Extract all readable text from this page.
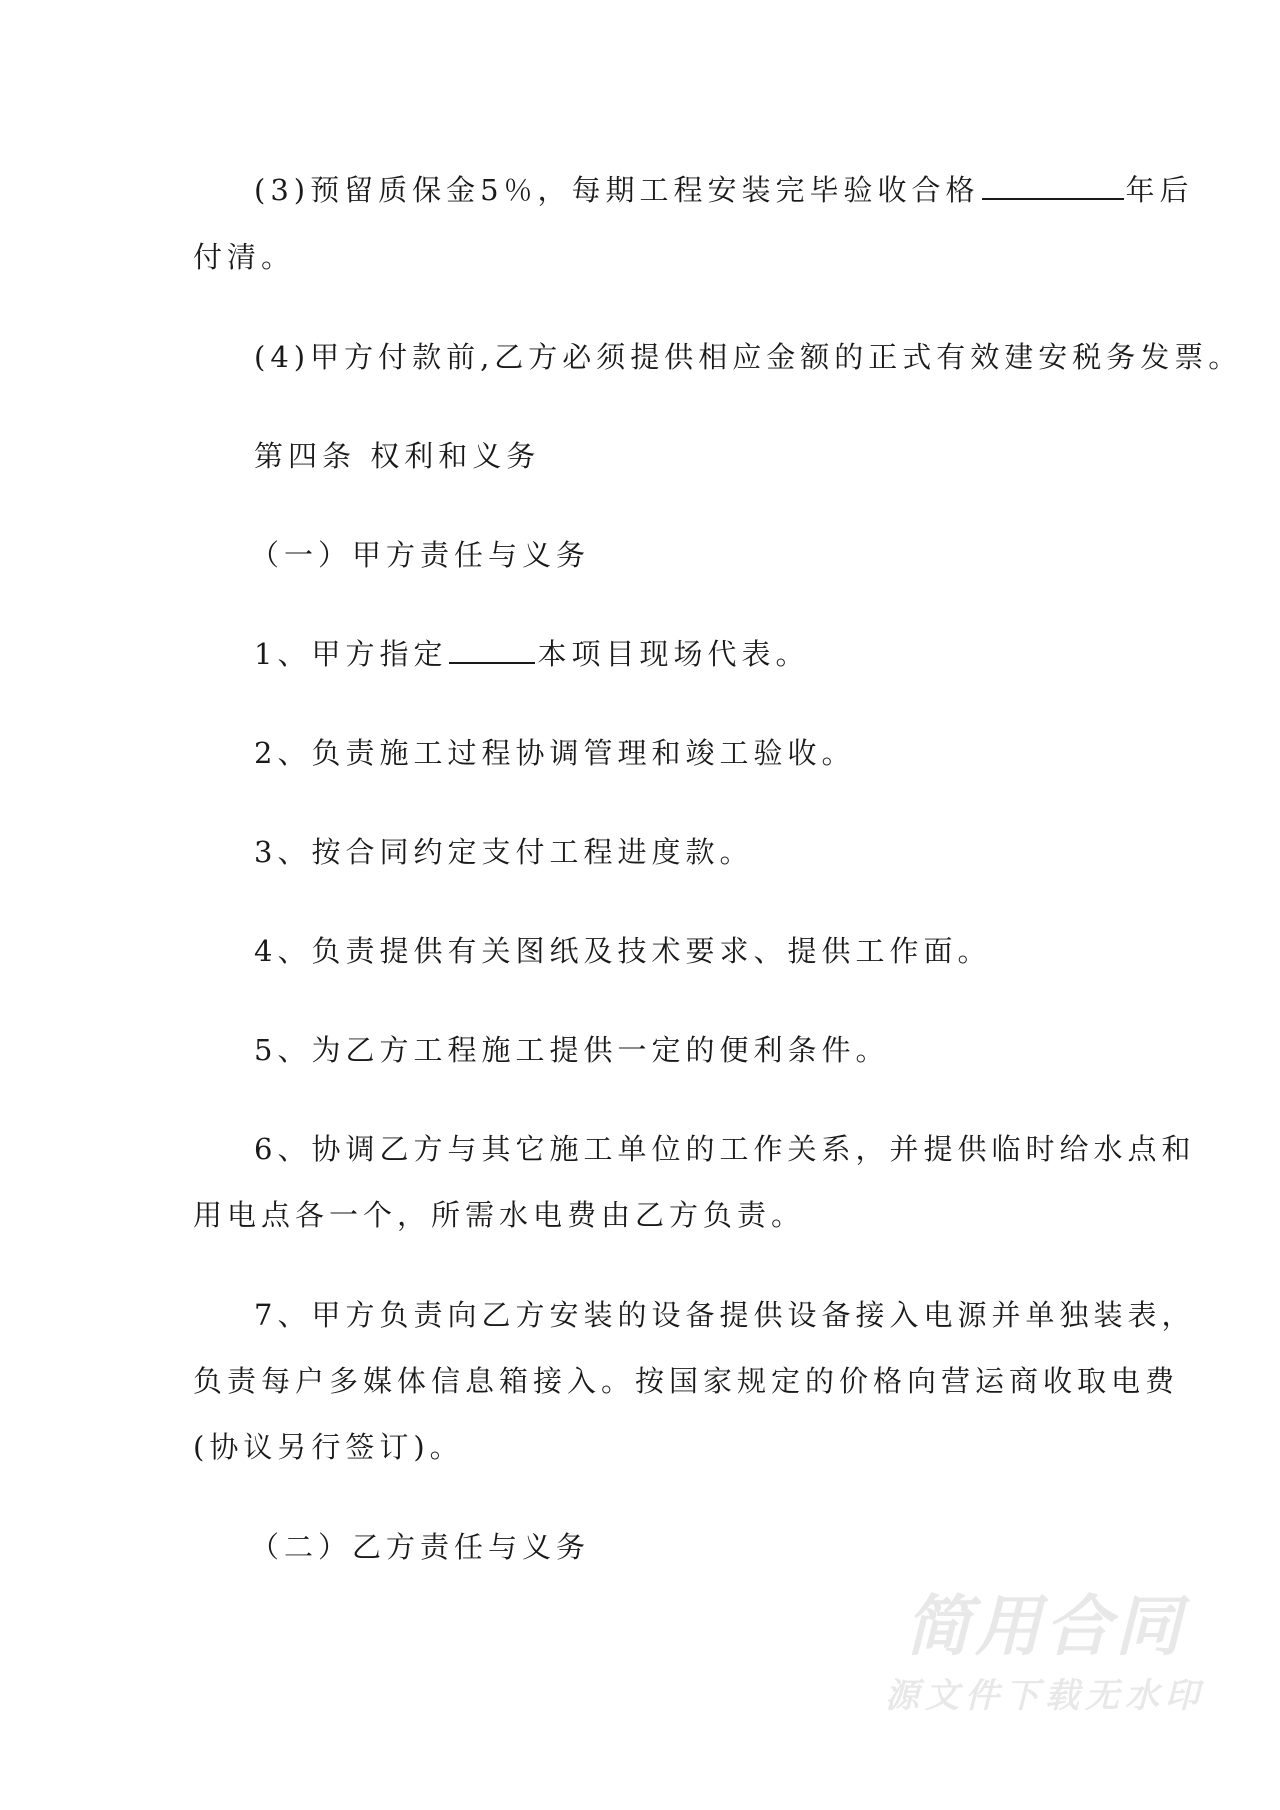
(3)预留质保金5％，每期工程安装完毕验收合格	年后
付清。
(4)甲方付款前,乙方必须提供相应金额的正式有效建安税务发票。
第四条 权利和义务
（一）甲方责任与义务
1、甲方指定	本项目现场代表。
2、负责施工过程协调管理和竣工验收。
3、按合同约定支付工程进度款。
4、负责提供有关图纸及技术要求、提供工作面。
5、为乙方工程施工提供一定的便利条件。
6、协调乙方与其它施工单位的工作关系，并提供临时给水点和
用电点各一个，所需水电费由乙方负责。
7、甲方负责向乙方安装的设备提供设备接入电源并单独装表，
负责每户多媒体信息箱接入。按国家规定的价格向营运商收取电费
(协议另行签订)。
（二）乙方责任与义务
简用合同
源文件下载无水印
